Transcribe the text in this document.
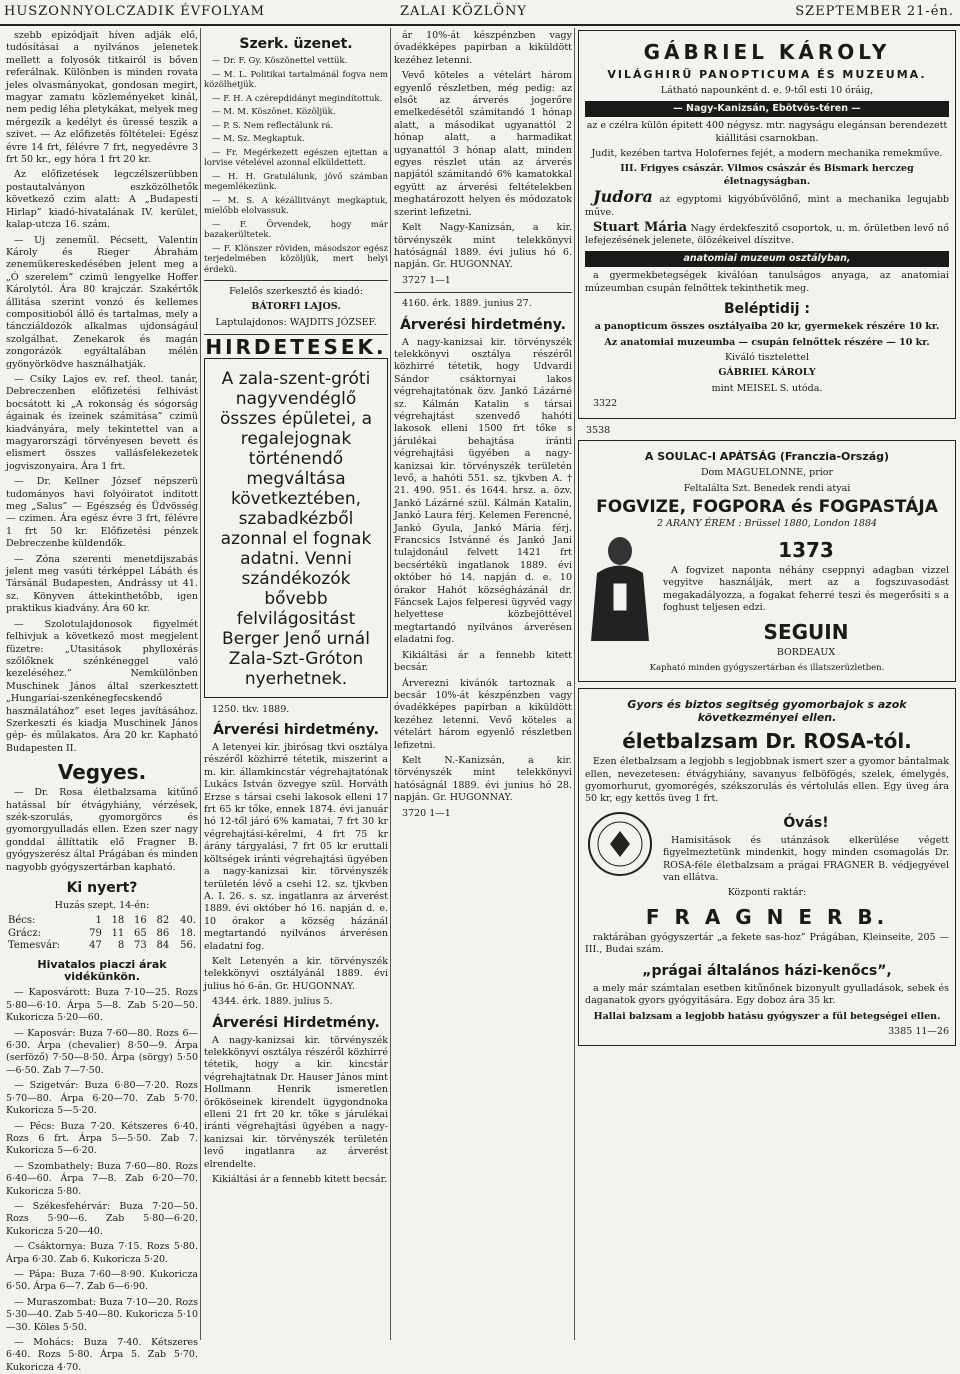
HUSZONNYOLCZADIK ÉVFOLYAM	ZALAI KÖZLÖNY	SZEPTEMBER 21-én.

szebb epizódjait híven adják elő, tudósításai a nyilvános jelenetek mellett a folyosók titkairól is bőven referálnak. Különben is minden rovata jeles olvasmányokat, gondosan megirt, magyar zamatu közleményeket kinál, nem pedig léha pletykákat, melyek meg mérgezik a kedélyt és üressé teszik a szivet. — Az előfizetés föltételei: Egész évre 14 frt, félévre 7 frt, negyedévre 3 frt 50 kr., egy hóra 1 frt 20 kr.

Az előfizetések legczélszerübben postautalványon eszközölhetők következő czim alatt: A „Budapesti Hirlap” kiadó-hivatalának IV. kerület, kalap-utcza 16. szám.

— Uj zeneműl. Pécsett, Valentin Károly és Rieger Ábrahám zenemükereskedésében jelent meg a „Ó szerelem” czimü lengyelke Hoffer Károlytól. Ára 80 krajczár. Szakértők állitása szerint vonzó és kellemes compositioból álló és tartalmas, mely a táncziáldozók alkalmas ujdonságául szolgálhat. Zenekarok és magán zongorázók egyáltalában mélén gyönyörködve használhatják.

— Csiky Lajos ev. ref. theol. tanár, Debreczenben előfizetési felhivást bocsátott ki „A rokonság és sógorság ágainak és izeinek számitása” czimü kiadványára, mely tekintettel van a magyarországi törvényesen bevett és elismert összes vallásfelekezetek jogviszonyaira. Ára 1 frt.

— Dr. Kellner József népszerü tudományos havi folyóiratot inditott meg „Salus” — Egészség és Üdvösség — czimen. Ára egész évre 3 frt, félévre 1 frt 50 kr. Előfizetési pénzek Debreczenbe küldendők.

— Zóna szerenti menetdijszabás jelent meg vasúti térképpel Lábáth és Társánál Budapesten, Andrássy ut 41. sz. Könyven áttekinthetőbb, igen praktikus kiadvány. Ára 60 kr.

— Szolotulajdonosok figyelmét felhivjuk a következő most megjelent füzetre: „Utasitások phylloxérás szőlőknek szénkéneggel való kezeléséhez.” Nemkülönben Muschinek János által szerkesztett „Hungariai-szenkénegfecskendő használatához” eset leges javításához. Szerkeszti és kiadja Muschinek János gép- és műlakatos. Ára 20 kr. Kapható Budapesten II.

Vegyes.

— Dr. Rosa életbalzsama kitűnő hatással bír étvágyhiány, vérzések, szék-szorulás, gyomorgörcs és gyomorgyulladás ellen. Ezen szer nagy gonddal állíttatik elő Fragner B. gyógyszerész által Prágában és minden nagyobb gyógyszertárban kapható.

Ki nyert?

Huzás szept. 14-én:

Bécs:	1	18	16	82	40.
Grácz:	79	11	65	86	18.
Temesvár:	47	8	73	84	56.

Hivatalos piaczi árak vidékünkön.

— Kaposvárott: Buza 7·10—25. Rozs 5·80—6·10. Árpa 5—8. Zab 5·20—50. Kukoricza 5·20—60.

— Kaposvár: Buza 7·60—80. Rozs 6—6·30. Árpa (chevalier) 8·50—9. Árpa (serföző) 7·50—8·50. Árpa (sörgy) 5·50—6·50. Zab 7—7·50.

— Szigetvár: Buza 6·80—7·20. Rozs 5·70—80. Árpa 6·20—70. Zab 5·70. Kukoricza 5—5·20.

— Pécs: Buza 7·20. Kétszeres 6·40. Rozs 6 frt. Árpa 5—5·50. Zab 7. Kukoricza 5—6·20.

— Szombathely: Buza 7·60—80. Rozs 6·40—60. Árpa 7—8. Zab 6·20—70. Kukoricza 5·80.

— Székesfehérvár: Buza 7·20—50. Rozs 5·90—6. Zab 5·80—6·20. Kukoricza 5·20—40.

— Csáktornya: Buza 7·15. Rozs 5·80. Árpa 6·30. Zab 6. Kukoricza 5·20.

— Pápa: Buza 7·60—8·90. Kukoricza 6·50. Árpa 6—7. Zab 6—6·90.

— Muraszombat: Buza 7·10—20. Rozs 5·30—40. Zab 5·40—80. Kukoricza 5·10—30. Köles 5·50.

— Mohács: Buza 7·40. Kétszeres 6·40. Rozs 5·80. Árpa 5. Zab 5·70. Kukoricza 4·70.

Szerk. üzenet.

— Dr. F. Gy. Köszönettel vettük.

— M. L. Politikai tartalmánál fogva nem közölhetjük.

— F. H. A czérepdidányt megindítottuk.

— M. M. Köszönet. Közöljük.

— P. S. Nem reflectálunk rá.

— M. Sz. Megkaptuk.

— Fr. Megérkezett egészen ejtettan a lorvise vételével azonnal elküldettett.

— H. H. Gratulálunk, jövő számban megemlékezünk.

— M. S. A kézállitványt megkaptuk, mielőbb elolvassuk.

— F. Örvendek, hogy már bazakerültetek.

— F. Klönszer röviden, másodszor egész terjedelmében közöljük, mert helyi érdekü.

Felelős szerkesztő és kiadó:

BÁTORFI LAJOS.

Laptulajdonos: WAJDITS JÓZSEF.

HIRDETESEK.

A zala-szent-gróti nagyvendéglő összes épületei, a regalejognak történendő megváltása következtében, szabadkézből azonnal el fognak adatni. Venni szándékozók bővebb felvilágositást Berger Jenő urnál Zala-Szt-Gróton nyerhetnek.

1250. tkv. 1889.

Árverési hirdetmény.

A letenyei kir. jbirósag tkvi osztálya részéről közhirré tétetik, miszerint a m. kir. államkincstár végrehajtatónak Lukács István özvegye szül. Horváth Erzse s társai csehi lakosok elleni 17 frt 65 kr tőke, ennek 1874. évi január hó 12-től járó 6% kamatai, 7 frt 30 kr végrehajtási-kérelmi, 4 frt 75 kr árány tárgyalási, 7 frt 05 kr eruttali költségek iránti végrehajtási ügyében a nagy-kanizsai kir. törvényszék területén lévő a csehi 12. sz. tjkvben A. I. 26. s. sz. ingatlanra az árverést 1889. évi október hó 16. napján d. e. 10 órakor a község házánál megtartandó nyilvános árverésen eladatni fog.

Kelt Letenyén a kir. törvényszék telekkönyvi osztályánál 1889. évi julius hó 6-án. Gr. HUGONNAY.

4344. érk. 1889. julius 5.

Árverési Hirdetmény.

A nagy-kanizsai kir. törvényszék telekkönyvi osztálya részéről közhirré tétetik, hogy a kir. kincstár végrehajtatnak Dr. Hauser János mint Hollmann Henrik ismeretlen örököseinek kirendelt ügygondnoka elleni 21 frt 20 kr. tőke s járulékai iránti végrehajtási ügyében a nagy-kanizsai kir. törvényszék területén levő ingatlanra az árverést elrendelte.

Kikiáltási ár a fennebb kitett becsár.

ár 10%-át készpénzben vagy óvadékképes papirban a kiküldött kezéhez letenni.

Vevő köteles a vételárt három egyenlő részletben, még pedig: az elsőt az árverés jogerőre emelkedésétől számitandó 1 hónap alatt, a másodikat ugyanattól 2 hónap alatt, a harmadikat ugyanattól 3 hónap alatt, minden egyes részlet után az árverés napjától számitandó 6% kamatokkal együtt az árverési feltételekben meghatározott helyen és módozatok szerint lefizetni.

Kelt Nagy-Kanizsán, a kir. törvényszék mint telekkönyvi hatóságnál 1889. évi julius hó 6. napján. Gr. HUGONNAY.

3727 1—1

4160. érk. 1889. junius 27.

Árverési hirdetmény.

A nagy-kanizsai kir. törvényszék telekkönyvi osztálya részéről közhirré tétetik, hogy Udvardi Sándor csáktornyai lakos végrehajtatónak özv. Jankó Lázárné sz. Kálmán Katalin s társai végrehajtást szenvedő hahóti lakosok elleni 1500 frt tőke s járulékai behajtása iránti végrehajtási ügyében a nagy-kanizsai kir. törvényszék területén levő, a hahóti 551. sz. tjkvben A. † 21. 490. 951. és 1644. hrsz. a. özv. Jankó Lázárné szül. Kálmán Katalin, Jankó Laura férj. Kelemen Ferencné, Jankó Gyula, Jankó Mária férj. Francsics Istvánné és Jankó Jani tulajdonául felvett 1421 frt becsértékü ingatlanok 1889. évi október hó 14. napján d. e. 10 órakor Hahót községházánál dr. Fáncsek Lajos felperesi ügyvéd vagy helyettese közbejöttével megtartandó nyilvános árverésen eladatni fog.

Kikiáltási ár a fennebb kitett becsár.

Árverezni kivánók tartoznak a becsár 10%-át készpénzben vagy óvadékképes papirban a kiküldött kezéhez letenni. Vevő köteles a vételárt három egyenlő részletben lefizetni.

Kelt N.-Kanizsán, a kir. törvényszék mint telekkönyvi hatóságnál 1889. évi junius hó 28. napján. Gr. HUGONNAY.

3720 1—1

GÁBRIEL KÁROLY

VILÁGHIRÜ PANOPTICUMA ÉS MUZEUMA.

Látható napounként d. e. 9-től esti 10 óráig,

— Nagy-Kanizsán, Ebötvös-téren —

az e czélra külön épitett 400 négysz. mtr. nagyságu elegánsan berendezett kiállitási csarnokban.

Judit, kezében tartva Holofernes fejét, a modern mechanika remekműve.

III. Frigyes császár. Vilmos császár és Bismark herczeg életnagyságban.

Judora az egyptomi kigyóbűvölőnő, mint a mechanika legujabb műve.

Stuart Mária Nagy érdekfeszitő csoportok, u. m. őrületben levő nő lefejezésének jelenete, ölözékeivel díszitve.

anatomiai muzeum osztályban,

a gyermekbetegségek kiválóan tanulságos anyaga, az anatomiai múzeumban csupán felnőttek tekinthetik meg.

Beléptidij :

a panopticum összes osztályaiba 20 kr, gyermekek részére 10 kr.

Az anatomiai muzeumba — csupán felnőttek részére — 10 kr.

Kiváló tisztelettel

GÁBRIEL KÁROLY

mint MEISEL S. utóda.

3322

3538

A SOULAC-I APÁTSÁG (Franczia-Ország)

Dom MAGUELONNE, prior

Feltalálta Szt. Benedek rendi atyai

FOGVIZE, FOGPORA és FOGPASTÁJA

2 ARANY ÉREM : Brüssel 1880, London 1884

1373

A fogvizet naponta néhány cseppnyi adagban vizzel vegyitve használják, mert az a fogszuvasodást megakadályozza, a fogakat feherré teszi és megerősiti s a foghust teljesen edzi.

SEGUIN

BORDEAUX

Kapható minden gyógyszertárban és illatszerüzletben.

Gyors és biztos segitség gyomorbajok s azok következményei ellen.

életbalzsam Dr. ROSA-tól.

Ezen életbalzsam a legjobb s legjobbnak ismert szer a gyomor bántalmak ellen, nevezetesen: étvágyhiány, savanyus felböfögés, szelek, émelygés, gyomorhurut, gyomorégés, székszorulás és vértolulás ellen. Egy üveg ára 50 kr, egy kettős üveg 1 frt.

Óvás!

Hamisitások és utánzások elkerülése végett figyelmeztetünk mindenkit, hogy minden csomagolás Dr. ROSA-féle életbalzsam a prágai FRAGNER B. védjegyével van ellátva.

Központi raktár:

F R A G N E R B.

raktárában gyógyszertár „a fekete sas-hoz” Prágában, Kleinseite, 205 — III., Budai szám.

„prágai általános házi-kenőcs”,

a mely már számtalan esetben kitűnőnek bizonyult gyulladások, sebek és daganatok gyors gyógyitására. Egy doboz ára 35 kr.

Hallai balzsam a legjobb hatásu gyógyszer a fül betegségei ellen.

3385 11—26
